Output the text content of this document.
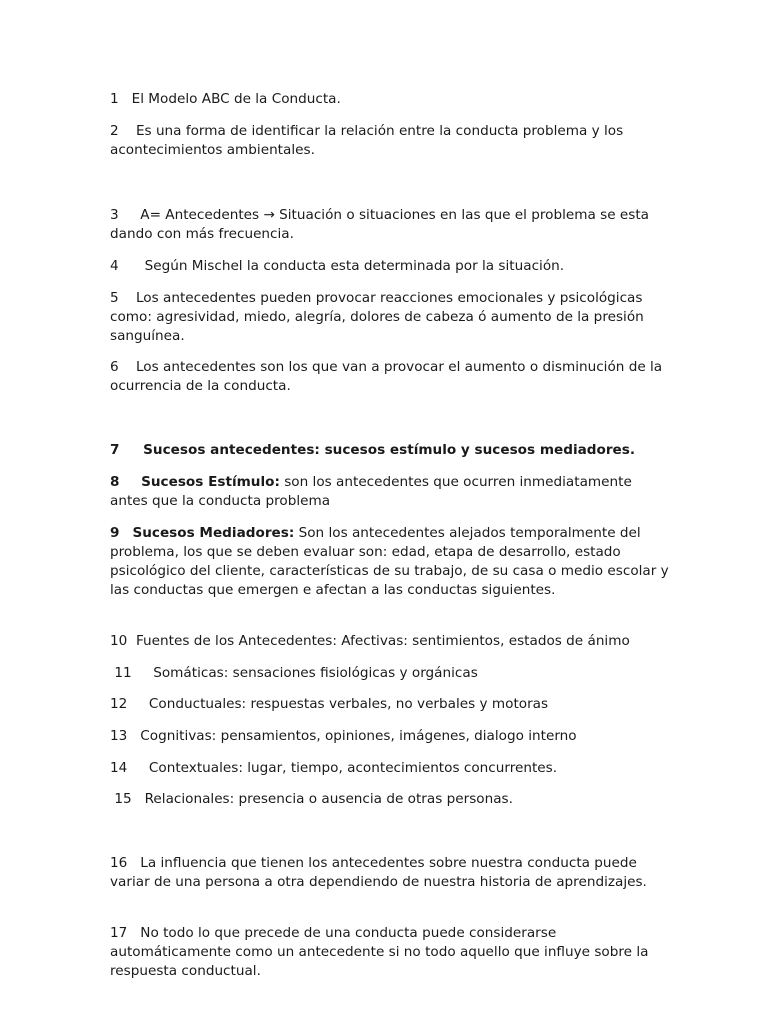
1 El Modelo ABC de la Conducta.

2 Es una forma de identificar la relación entre la conducta problema y los acontecimientos ambientales.

3 A= Antecedentes → Situación o situaciones en las que el problema se esta dando con más frecuencia.

4 Según Mischel la conducta esta determinada por la situación.

5 Los antecedentes pueden provocar reacciones emocionales y psicológicas como: agresividad, miedo, alegría, dolores de cabeza ó aumento de la presión sanguínea.

6 Los antecedentes son los que van a provocar el aumento o disminución de la ocurrencia de la conducta.

7 Sucesos antecedentes: sucesos estímulo y sucesos mediadores.

8 Sucesos Estímulo: son los antecedentes que ocurren inmediatamente antes que la conducta problema

9 Sucesos Mediadores: Son los antecedentes alejados temporalmente del problema, los que se deben evaluar son: edad, etapa de desarrollo, estado psicológico del cliente, características de su trabajo, de su casa o medio escolar y las conductas que emergen e afectan a las conductas siguientes.

10 Fuentes de los Antecedentes: Afectivas: sentimientos, estados de ánimo

11 Somáticas: sensaciones fisiológicas y orgánicas

12 Conductuales: respuestas verbales, no verbales y motoras

13 Cognitivas: pensamientos, opiniones, imágenes, dialogo interno

14 Contextuales: lugar, tiempo, acontecimientos concurrentes.

15 Relacionales: presencia o ausencia de otras personas.

16 La influencia que tienen los antecedentes sobre nuestra conducta puede variar de una persona a otra dependiendo de nuestra historia de aprendizajes.

17 No todo lo que precede de una conducta puede considerarse automáticamente como un antecedente si no todo aquello que influye sobre la respuesta conductual.
